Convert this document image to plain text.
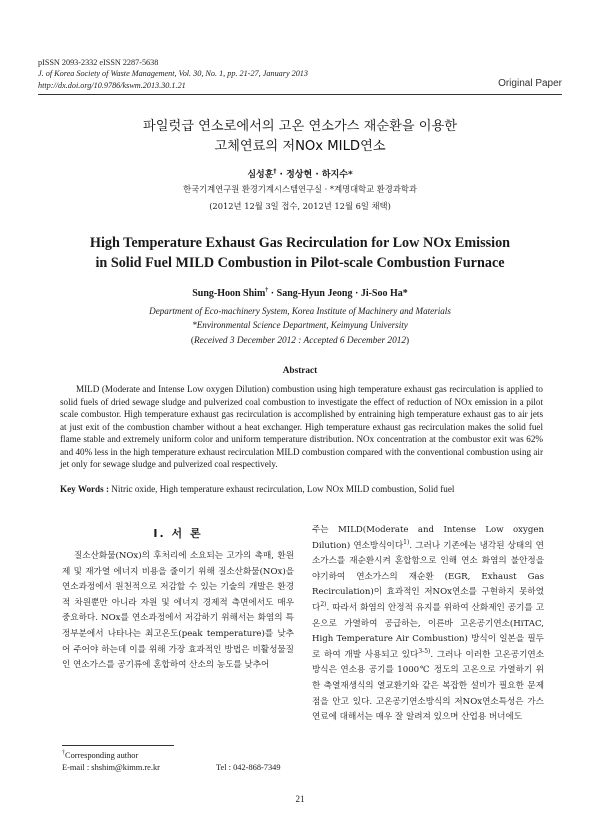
pISSN 2093-2332 eISSN 2287-5638
J. of Korea Society of Waste Management, Vol. 30, No. 1, pp. 21-27, January 2013
http://dx.doi.org/10.9786/kswm.2013.30.1.21	Original Paper
파일럿급 연소로에서의 고온 연소가스 재순환을 이용한
고체연료의 저NOx MILD연소
심성훈† · 정상현 · 하지수*
한국기계연구원 환경기계시스템연구실 · *계명대학교 환경과학과
(2012년 12월 3일 접수, 2012년 12월 6일 채택)
High Temperature Exhaust Gas Recirculation for Low NOx Emission
in Solid Fuel MILD Combustion in Pilot-scale Combustion Furnace
Sung-Hoon Shim† · Sang-Hyun Jeong · Ji-Soo Ha*
Department of Eco-machinery System, Korea Institute of Machinery and Materials
*Environmental Science Department, Keimyung University
(Received 3 December 2012 : Accepted 6 December 2012)
Abstract
MILD (Moderate and Intense Low oxygen Dilution) combustion using high temperature exhaust gas recirculation is applied to solid fuels of dried sewage sludge and pulverized coal combustion to investigate the effect of reduction of NOx emission in a pilot scale combustor. High temperature exhaust gas recirculation is accomplished by entraining high temperature exhaust gas to air jets at just exit of the combustion chamber without a heat exchanger. High temperature exhaust gas recirculation makes the solid fuel flame stable and extremely uniform color and uniform temperature distribution. NOx concentration at the combustor exit was 62% and 40% less in the high temperature exhaust recirculation MILD combustion compared with the conventional combustion using air jet only for sewage sludge and pulverized coal respectively.
Key Words : Nitric oxide, High temperature exhaust recirculation, Low NOx MILD combustion, Solid fuel
I. 서 론
질소산화물(NOx)의 후처리에 소요되는 고가의 촉매, 환원제 및 재가열 에너지 비용을 줄이기 위해 질소산화물(NOx)을 연소과정에서 원천적으로 저감할 수 있는 기술의 개발은 환경적 차원뿐만 아니라 자원 및 에너지 경제적 측면에서도 매우 중요하다. NOx를 연소과정에서 저감하기 위해서는 화염의 특정부분에서 나타나는 최고온도(peak temperature)를 낮추어 주어야 하는데 이를 위해 가장 효과적인 방법은 비활성물질인 연소가스를 공기류에 혼합하여 산소의 농도를 낮추어
주는 MILD(Moderate and Intense Low oxygen Dilution) 연소방식이다$^{1)}$. 그러나 기존에는 냉각된 상태의 연소가스를 재순환시켜 혼합함으로 인해 연소 화염의 불안정을 야기하여 연소가스의 재순환 (EGR, Exhaust Gas Recirculation)이 효과적인 저NOx연소를 구현하지 못하였다$^{2)}$. 따라서 화염의 안정적 유지를 위하여 산화제인 공기를 고온으로 가열하여 공급하는, 이른바 고온공기연소(HiTAC, High Temperature Air Combustion) 방식이 일본을 필두로 하여 개발 사용되고 있다$^{3-5)}$. 그러나 이러한 고온공기연소방식은 연소용 공기를 1000℃ 정도의 고온으로 가열하기 위한 축열재생식의 열교환기와 같은 복잡한 설비가 필요한 문제점을 안고 있다. 고온공기연소방식의 저NOx연소특성은 가스연료에 대해서는 매우 잘 알려져 있으며 산업용 버너에도
†Corresponding author
E-mail : shshim@kimm.re.kr	Tel : 042-868-7349
21
